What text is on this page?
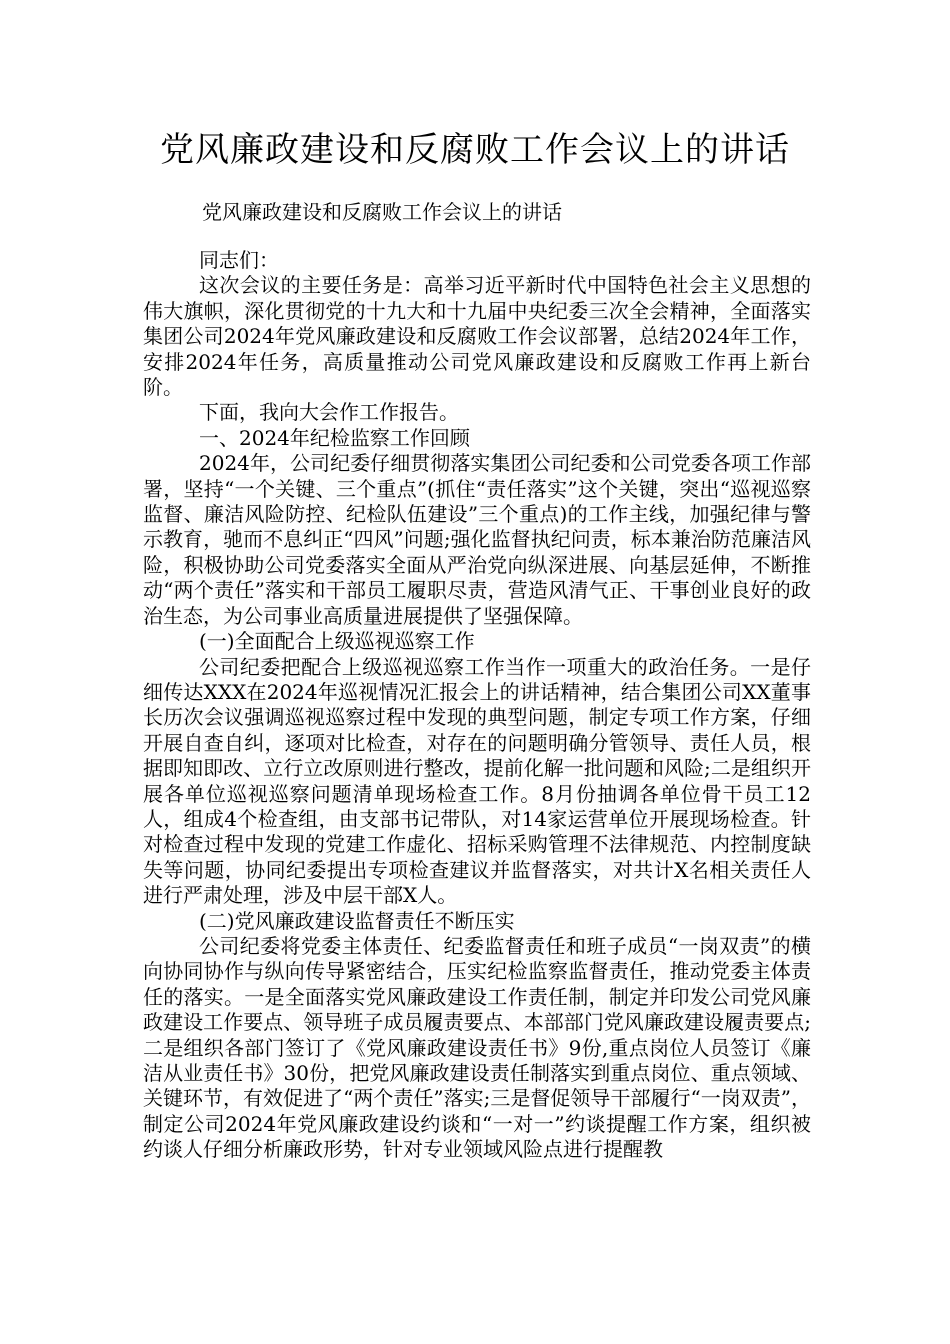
党风廉政建设和反腐败工作会议上的讲话
党风廉政建设和反腐败工作会议上的讲话

同志们：

这次会议的主要任务是：高举习近平新时代中国特色社会主义思想的伟大旗帜，深化贯彻党的十九大和十九届中央纪委三次全会精神，全面落实集团公司2024年党风廉政建设和反腐败工作会议部署，总结2024年工作，安排2024年任务，高质量推动公司党风廉政建设和反腐败工作再上新台阶。

下面，我向大会作工作报告。

一、2024年纪检监察工作回顾

2024年，公司纪委仔细贯彻落实集团公司纪委和公司党委各项工作部署，坚持“一个关键、三个重点”(抓住“责任落实”这个关键，突出“巡视巡察监督、廉洁风险防控、纪检队伍建设”三个重点)的工作主线，加强纪律与警示教育，驰而不息纠正“四风”问题;强化监督执纪问责，标本兼治防范廉洁风险，积极协助公司党委落实全面从严治党向纵深进展、向基层延伸，不断推动“两个责任”落实和干部员工履职尽责，营造风清气正、干事创业良好的政治生态，为公司事业高质量进展提供了坚强保障。

(一)全面配合上级巡视巡察工作

公司纪委把配合上级巡视巡察工作当作一项重大的政治任务。一是仔细传达XXX在2024年巡视情况汇报会上的讲话精神，结合集团公司XX董事长历次会议强调巡视巡察过程中发现的典型问题，制定专项工作方案，仔细开展自查自纠，逐项对比检查，对存在的问题明确分管领导、责任人员，根据即知即改、立行立改原则进行整改，提前化解一批问题和风险;二是组织开展各单位巡视巡察问题清单现场检查工作。8月份抽调各单位骨干员工12人，组成4个检查组，由支部书记带队，对14家运营单位开展现场检查。针对检查过程中发现的党建工作虚化、招标采购管理不法律规范、内控制度缺失等问题，协同纪委提出专项检查建议并监督落实，对共计X名相关责任人进行严肃处理，涉及中层干部X人。

(二)党风廉政建设监督责任不断压实

公司纪委将党委主体责任、纪委监督责任和班子成员“一岗双责”的横向协同协作与纵向传导紧密结合，压实纪检监察监督责任，推动党委主体责任的落实。一是全面落实党风廉政建设工作责任制，制定并印发公司党风廉政建设工作要点、领导班子成员履责要点、本部部门党风廉政建设履责要点;二是组织各部门签订了《党风廉政建设责任书》9份,重点岗位人员签订《廉洁从业责任书》30份，把党风廉政建设责任制落实到重点岗位、重点领域、关键环节，有效促进了“两个责任”落实;三是督促领导干部履行“一岗双责”，制定公司2024年党风廉政建设约谈和“一对一”约谈提醒工作方案，组织被约谈人仔细分析廉政形势，针对专业领域风险点进行提醒教
